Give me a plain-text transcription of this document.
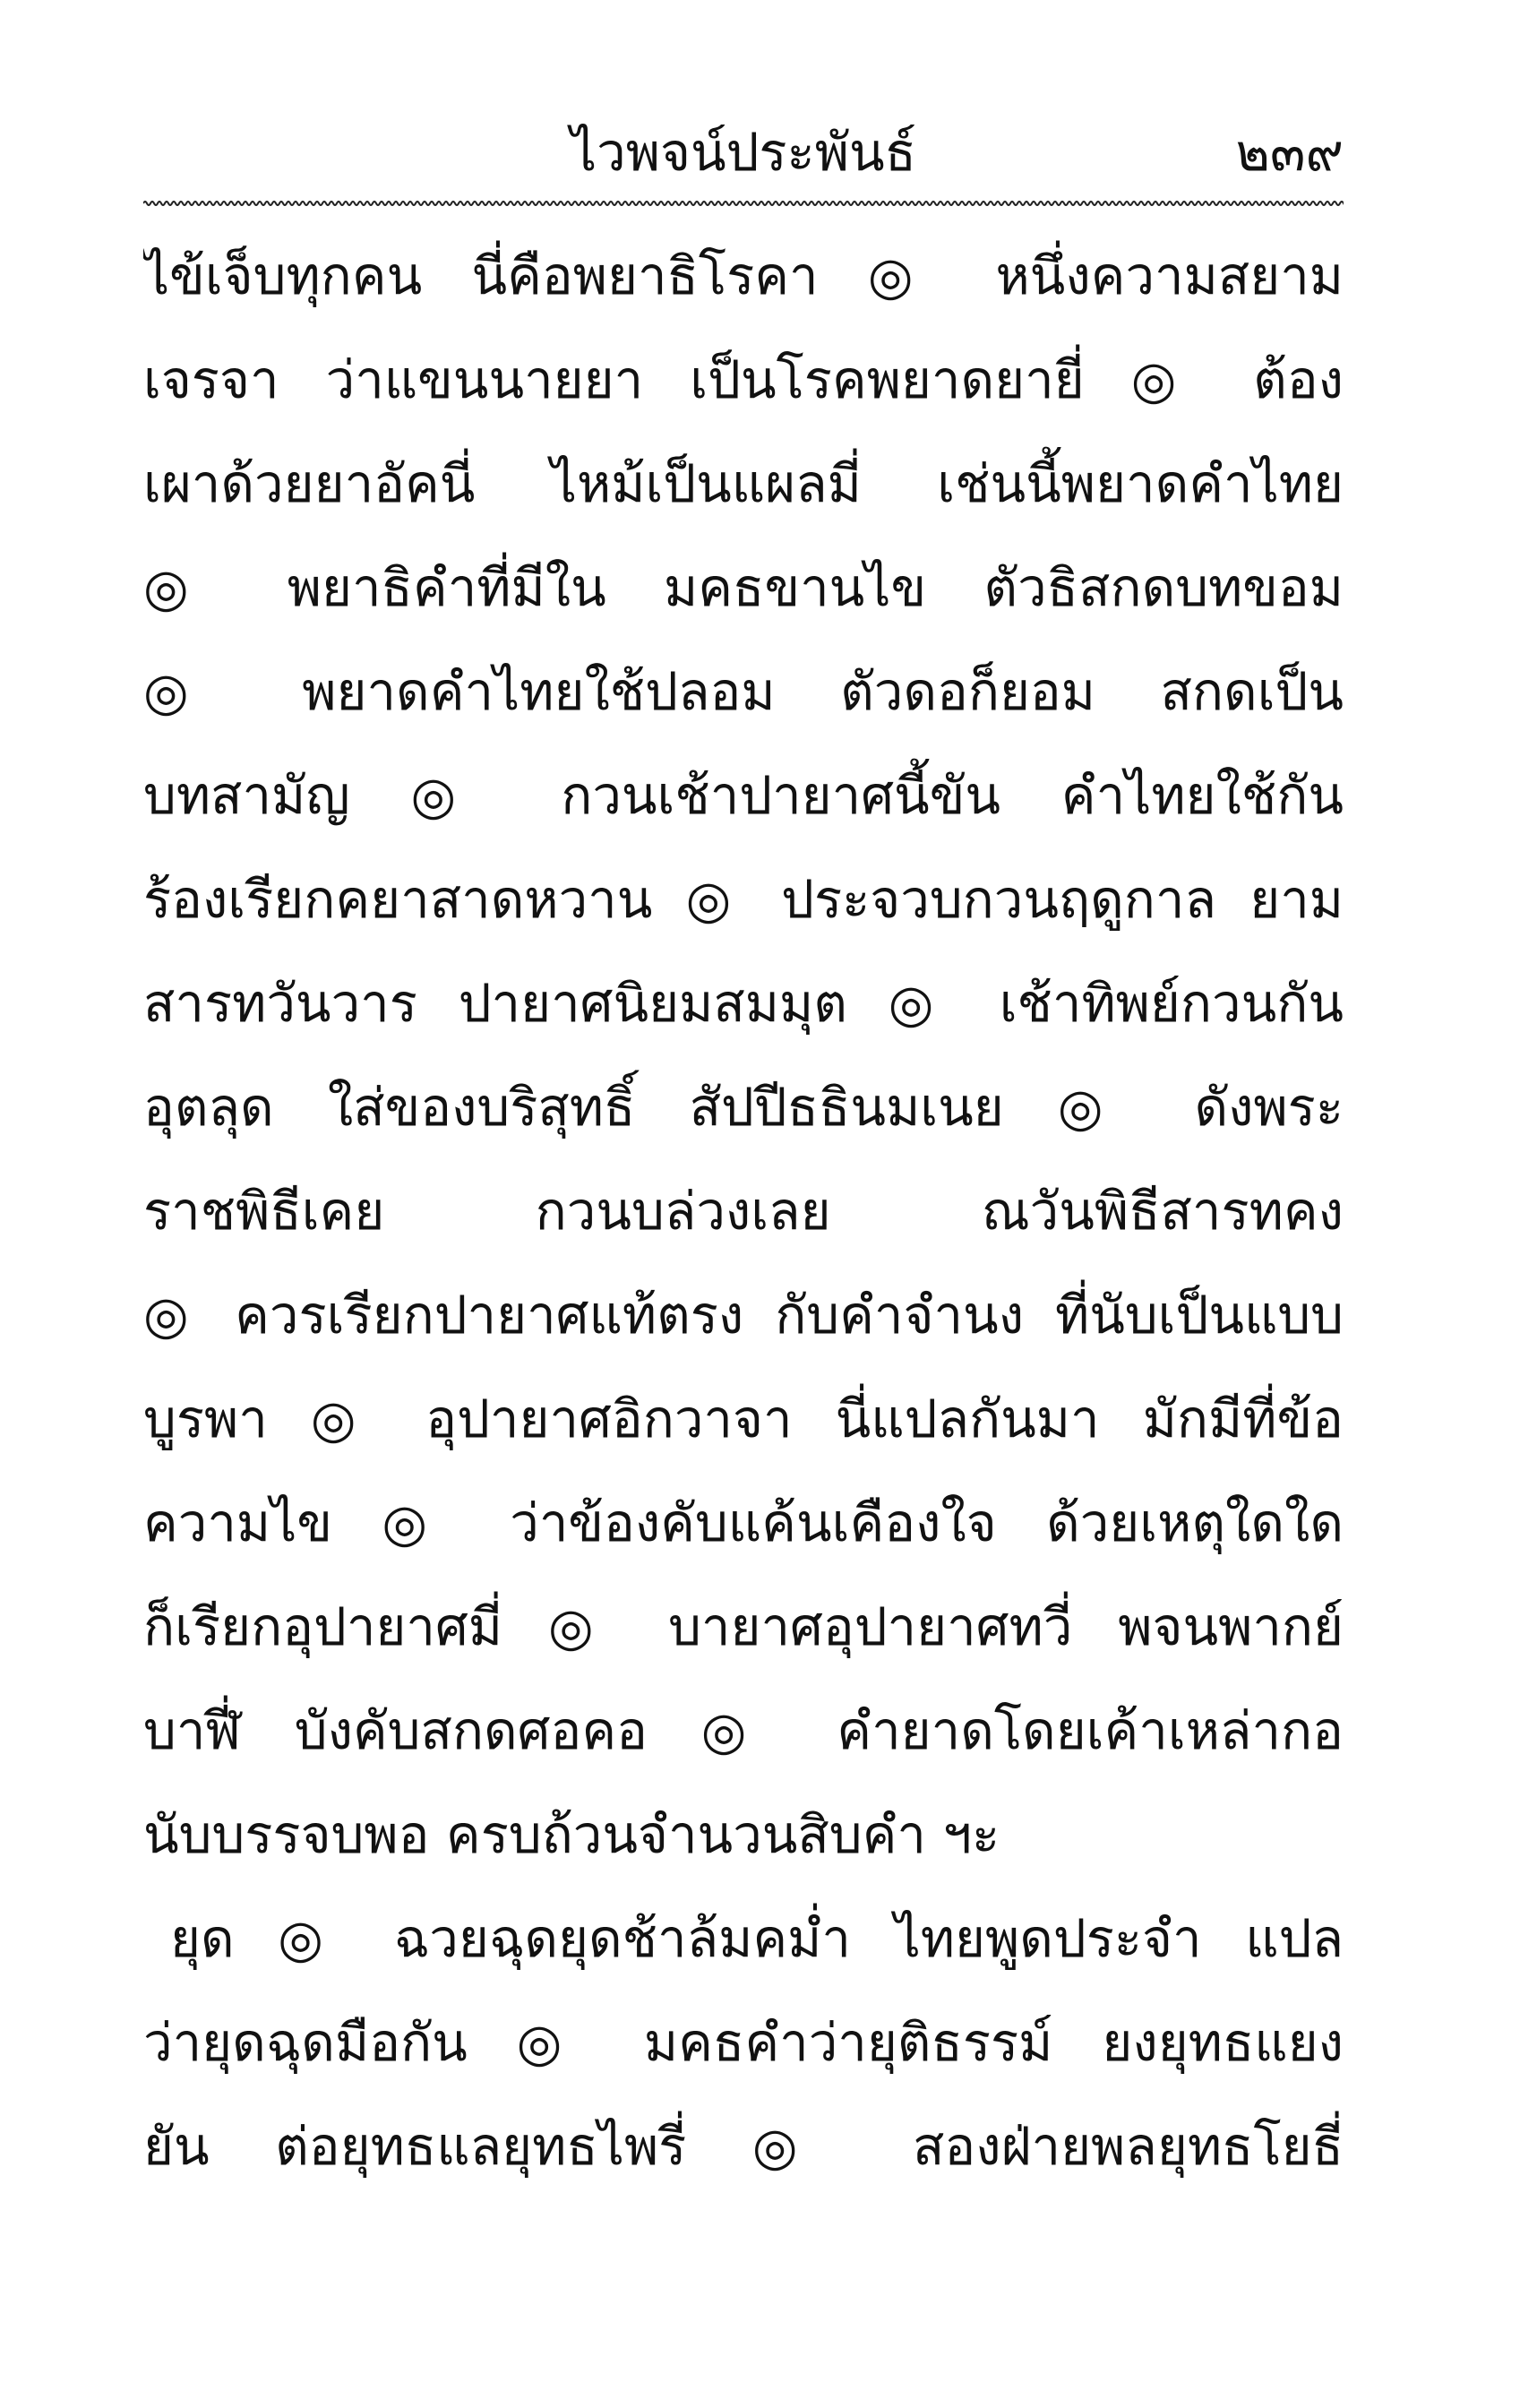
ไวพจน์ประพันธ์	๒๓๙
ไข้เจ็บทุกคน นี่คือพยาธิโรคา ◎ หนึ่งความสยาม
เจรจา ว่าแขนนายยา เป็นโรคพยาดยายี่ ◎ ต้อง
เผาด้วยยาอัคนี่ ไหม้เป็นแผลมี่ เช่นนี้พยาดคำไทย
◎ พยาธิคำที่มีใน มคธขานไข ตัวธิสกดบทขอม
◎ พยาดคำไทยใช้ปลอม ตัวดอก็ยอม สกดเป็น
บทสามัญ ◎ กวนเช้าปายาศนี้ขัน คำไทยใช้กัน
ร้องเรียกคยาสาดหวาน ◎ ประจวบกวนฤดูกาล ยาม
สารทวันวาร ปายาศนิยมสมมุต ◎ เช้าทิพย์กวนกัน
อุตลุด ใส่ของบริสุทธิ์ สัปปีธธินมเนย ◎ ดังพระ
ราชพิธีเคย กวนบล่วงเลย ณวันพิธีสารทคง
◎ ควรเรียกปายาศแท้ตรง กับคำจำนง ที่นับเป็นแบบ
บูรพา ◎ อุปายาศอิกวาจา นี่แปลกันมา มักมีที่ข้อ
ความไข ◎ ว่าข้องคับแค้นเคืองใจ ด้วยเหตุใดใด
ก็เรียกอุปายาศมี่ ◎ บายาศอุปายาศทวี่ พจนพากย์
บาฬี่ บังคับสกดศอคอ ◎ คำยาดโดยเค้าเหล่ากอ
นับบรรจบพอ ครบถ้วนจำนวนสิบคำ ฯะ
ยุด ◎ ฉวยฉุดยุดช้าล้มคม่ำ ไทยพูดประจำ แปล
ว่ายุดฉุดมือกัน ◎ มคธคำว่ายุติธรรม์ ยงยุทธแยง
ยัน ต่อยุทธแลยุทธไพรี่ ◎ สองฝ่ายพลยุทธโยธี่
